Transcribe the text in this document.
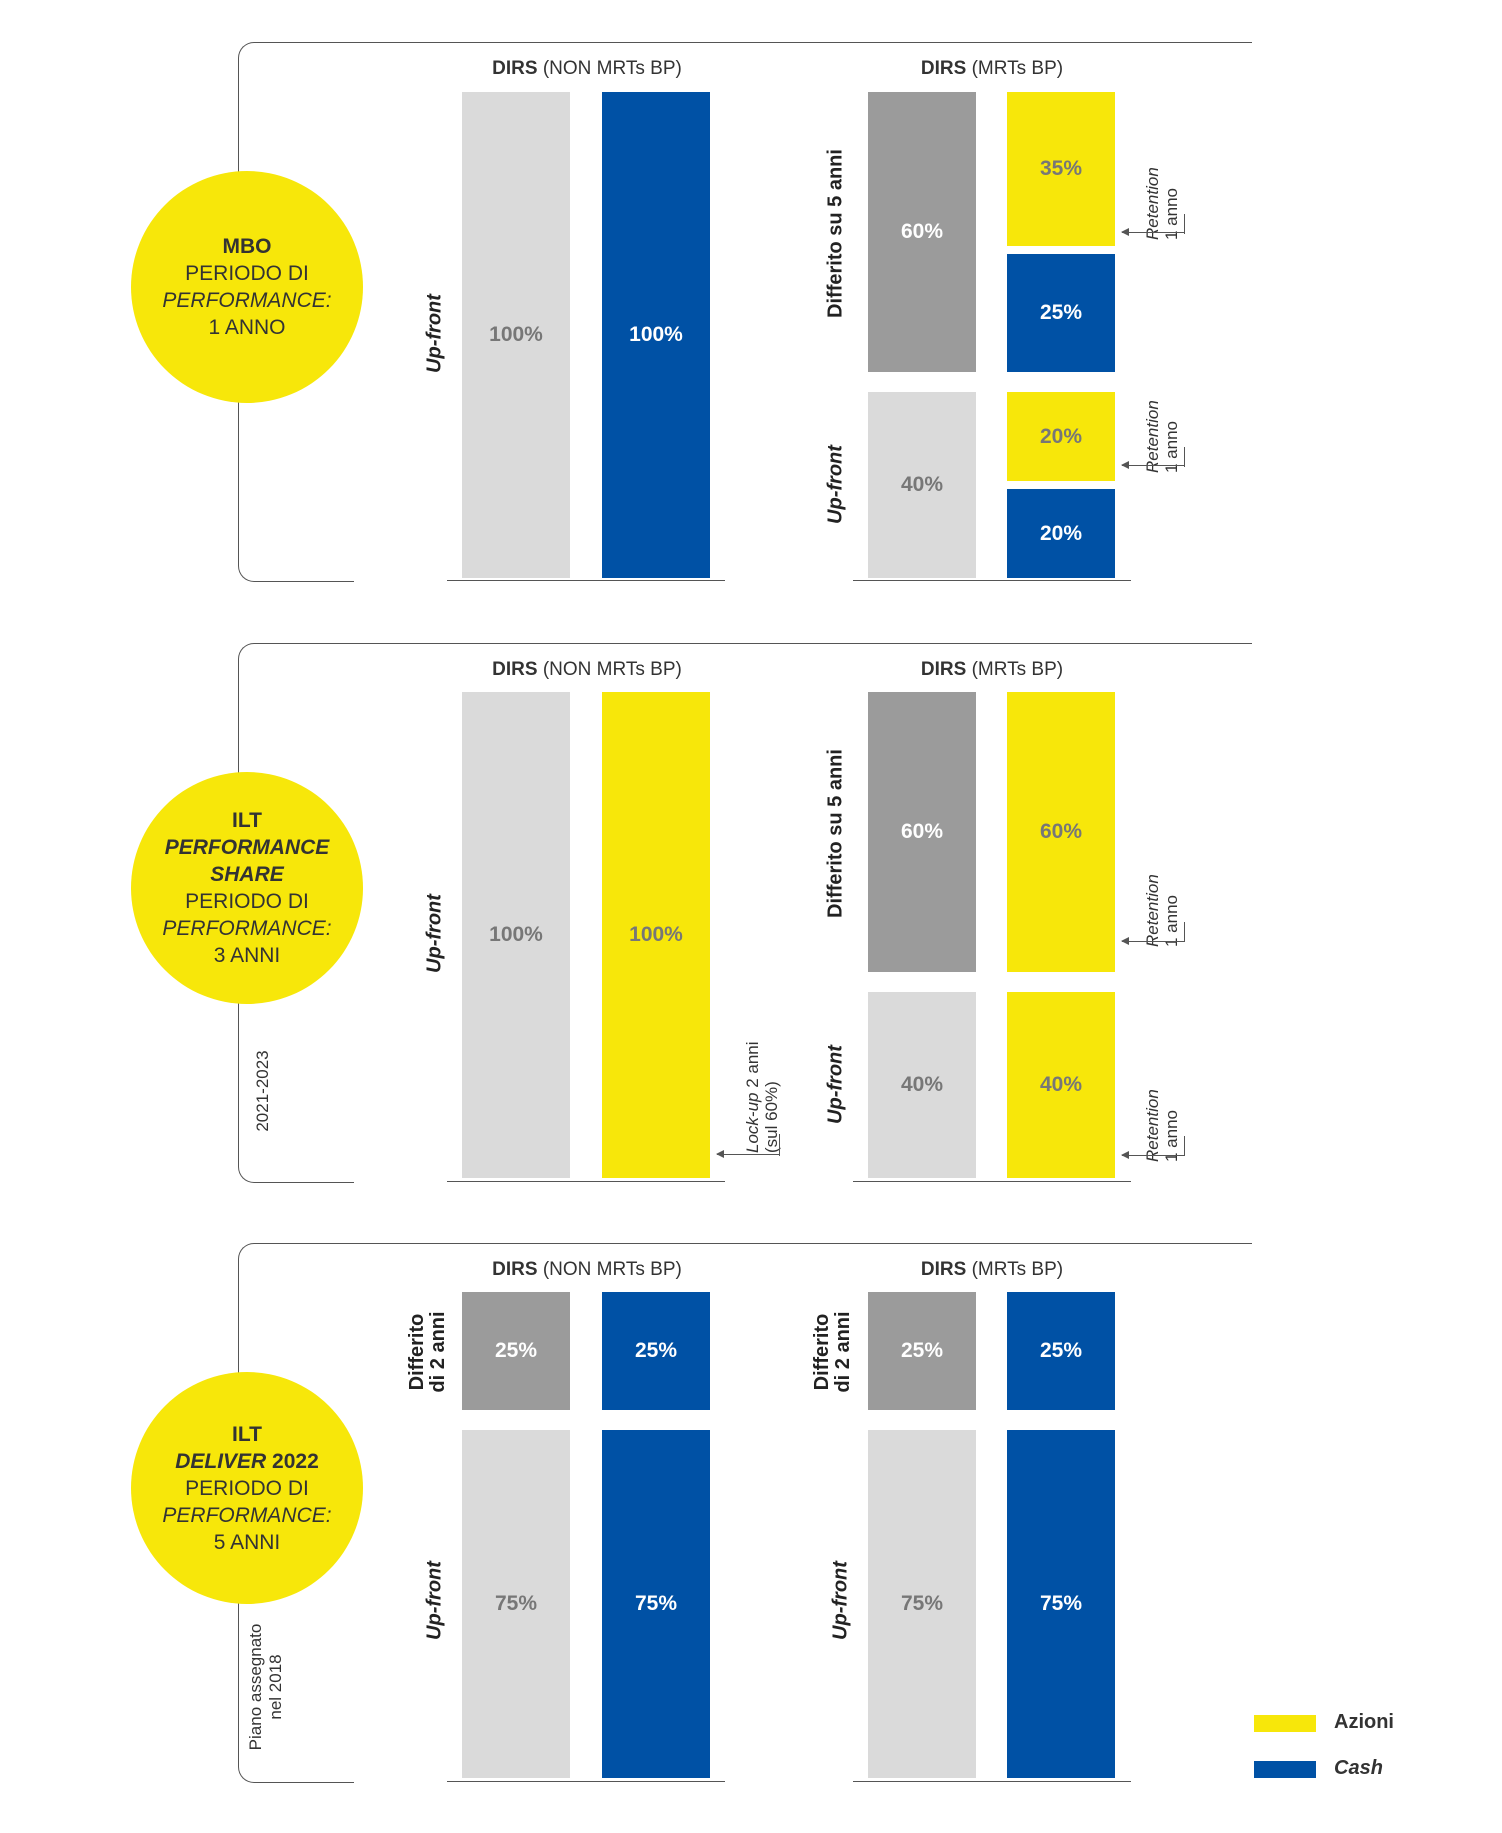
MBO
PERIODO DI
PERFORMANCE:
1 ANNO
DIRS (NON MRTs BP)	DIRS (MRTs BP)
Up-front	100%	100%
Differito su 5 anni
Up-front
60%
40%
35%
25%
20%
20%
Retention
1 anno
Retention
1 anno
ILT
PERFORMANCE
SHARE
PERIODO DI
PERFORMANCE:
3 ANNI
2021-2023
DIRS (NON MRTs BP)	DIRS (MRTs BP)
Up-front	100%	100%
Lock-up 2 anni
(sul 60%)
Differito su 5 anni
Up-front
60%
40%
60%
40%
Retention
1 anno
Retention
1 anno
ILT
DELIVER 2022
PERIODO DI
PERFORMANCE:
5 ANNI
Piano assegnato
nel 2018
DIRS (NON MRTs BP)	DIRS (MRTs BP)
Differito
di 2 anni
Up-front
25%	25%
75%	75%
Differito
di 2 anni
Up-front
25%	25%
75%	75%
Azioni
Cash
